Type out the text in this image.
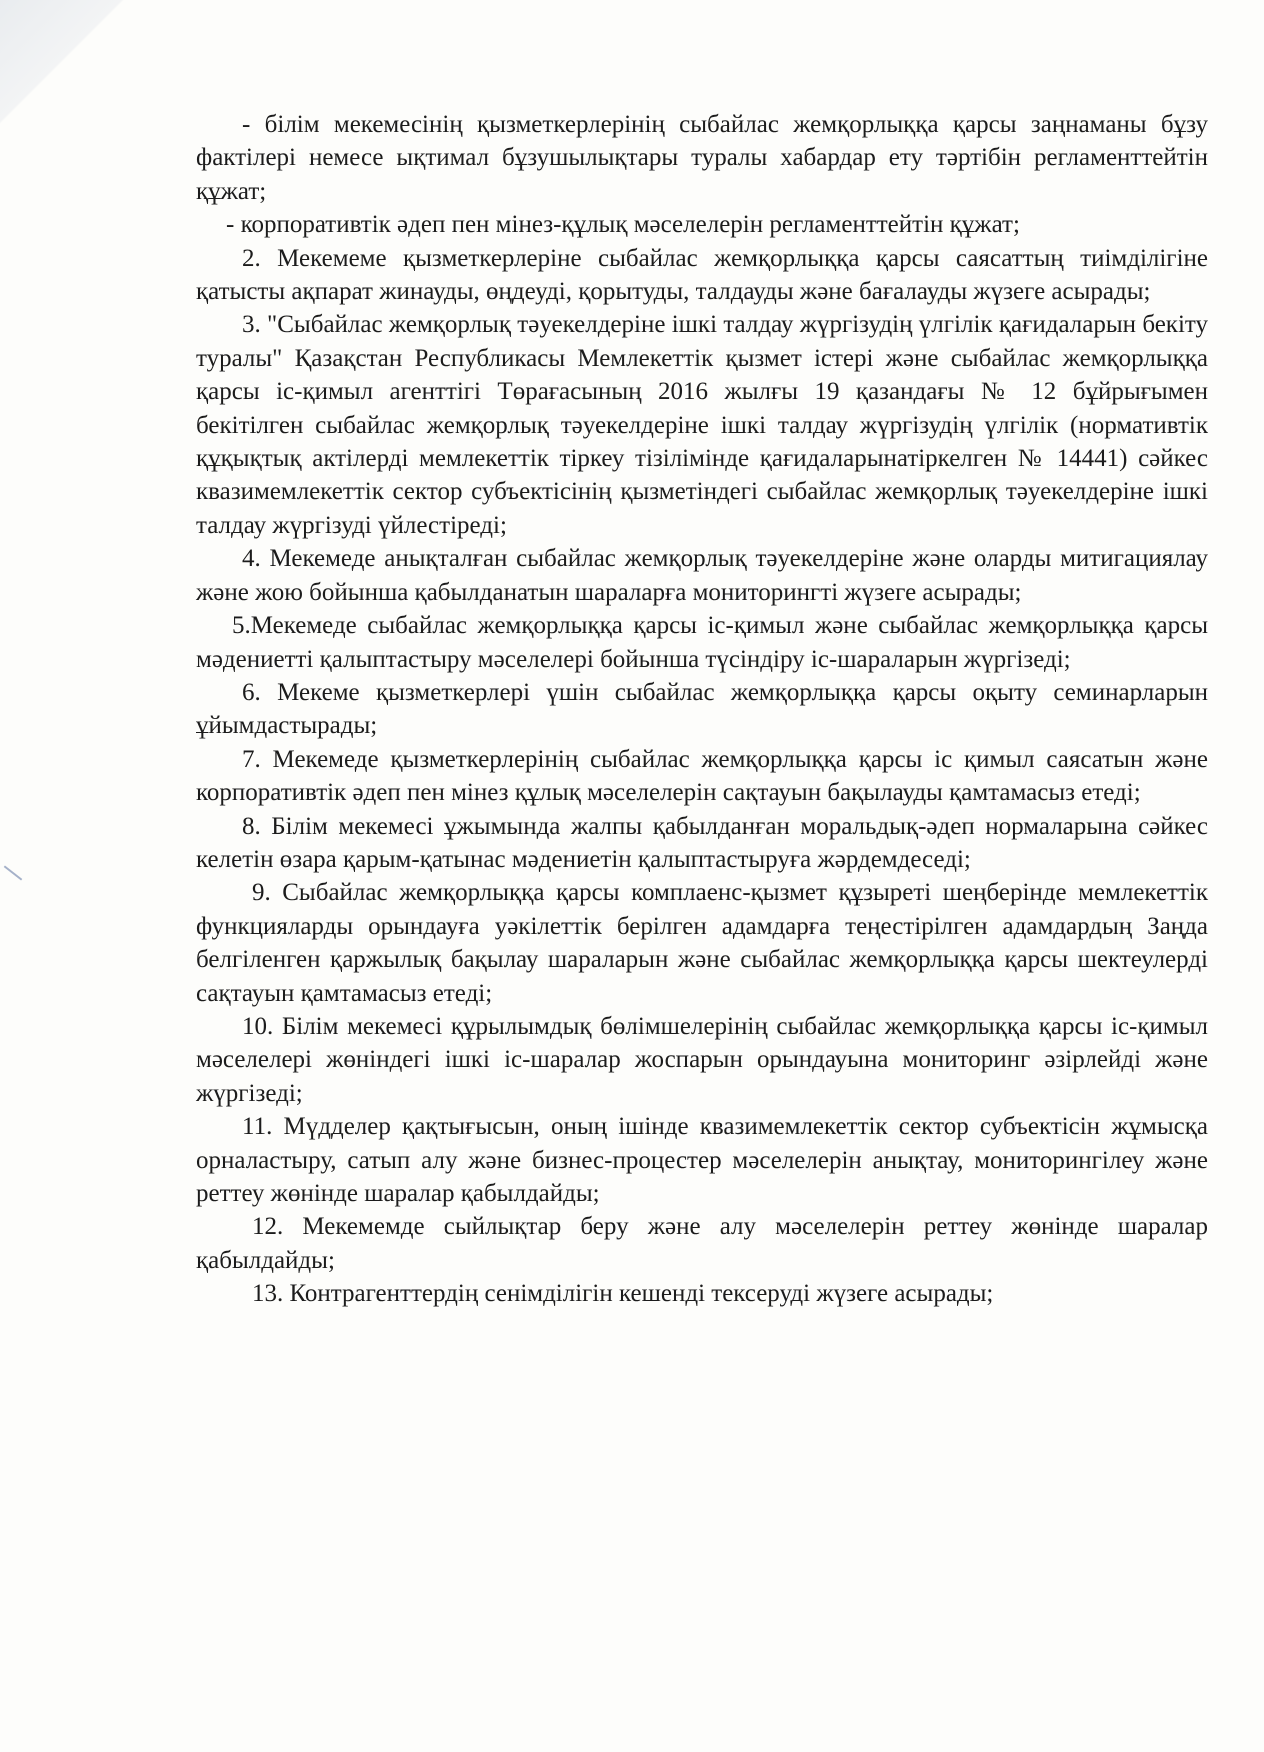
- білім мекемесінің қызметкерлерінің сыбайлас жемқорлыққа қарсы заңнаманы бұзу фактілері немесе ықтимал бұзушылықтары туралы хабардар ету тәртібін регламенттейтін құжат;

- корпоративтік әдеп пен мінез-құлық мәселелерін регламенттейтін құжат;

2. Мекемеме қызметкерлеріне сыбайлас жемқорлыққа қарсы саясаттың тиімділігіне қатысты ақпарат жинауды, өңдеуді, қорытуды, талдауды және бағалауды жүзеге асырады;

3. "Сыбайлас жемқорлық тәуекелдеріне ішкі талдау жүргізудің үлгілік қағидаларын бекіту туралы" Қазақстан Республикасы Мемлекеттік қызмет істері және сыбайлас жемқорлыққа қарсы іс-қимыл агенттігі Төрағасының 2016 жылғы 19 қазандағы № 12 бұйрығымен бекітілген сыбайлас жемқорлық тәуекелдеріне ішкі талдау жүргізудің үлгілік (нормативтік құқықтық актілерді мемлекеттік тіркеу тізілімінде қағидаларынатіркелген № 14441) сәйкес квазимемлекеттік сектор субъектісінің қызметіндегі сыбайлас жемқорлық тәуекелдеріне ішкі талдау жүргізуді үйлестіреді;

4. Мекемеде анықталған сыбайлас жемқорлық тәуекелдеріне және оларды митигациялау және жою бойынша қабылданатын шараларға мониторингті жүзеге асырады;

5.Мекемеде сыбайлас жемқорлыққа қарсы іс-қимыл және сыбайлас жемқорлыққа қарсы мәдениетті қалыптастыру мәселелері бойынша түсіндіру іс-шараларын жүргізеді;

6. Мекеме қызметкерлері үшін сыбайлас жемқорлыққа қарсы оқыту семинарларын ұйымдастырады;

7. Мекемеде қызметкерлерінің сыбайлас жемқорлыққа қарсы іс қимыл саясатын және корпоративтік әдеп пен мінез құлық мәселелерін сақтауын бақылауды қамтамасыз етеді;

8. Білім мекемесі ұжымында жалпы қабылданған моральдық-әдеп нормаларына сәйкес келетін өзара қарым-қатынас мәдениетін қалыптастыруға жәрдемдеседі;

9. Сыбайлас жемқорлыққа қарсы комплаенс-қызмет құзыреті шеңберінде мемлекеттік функцияларды орындауға уәкілеттік берілген адамдарға теңестірілген адамдардың Заңда белгіленген қаржылық бақылау шараларын және сыбайлас жемқорлыққа қарсы шектеулерді сақтауын қамтамасыз етеді;

10. Білім мекемесі құрылымдық бөлімшелерінің сыбайлас жемқорлыққа қарсы іс-қимыл мәселелері жөніндегі ішкі іс-шаралар жоспарын орындауына мониторинг әзірлейді және жүргізеді;

11. Мүдделер қақтығысын, оның ішінде квазимемлекеттік сектор субъектісін жұмысқа орналастыру, сатып алу және бизнес-процестер мәселелерін анықтау, мониторингілеу және реттеу жөнінде шаралар қабылдайды;

12. Мекемемде сыйлықтар беру және алу мәселелерін реттеу жөнінде шаралар қабылдайды;

13. Контрагенттердің сенімділігін кешенді тексеруді жүзеге асырады;
